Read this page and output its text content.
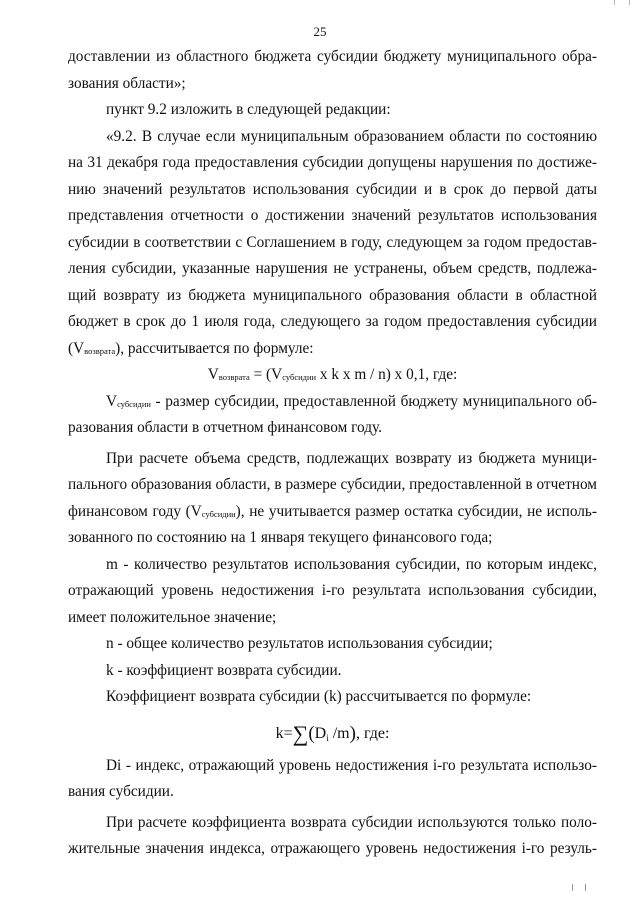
25
доставлении из областного бюджета субсидии бюджету муниципального обра-
зования области»;
пункт 9.2 изложить в следующей редакции:
«9.2. В случае если муниципальным образованием области по состоянию
на 31 декабря года предоставления субсидии допущены нарушения по достиже-
нию значений результатов использования субсидии и в срок до первой даты
представления отчетности о достижении значений результатов использования
субсидии в соответствии с Соглашением в году, следующем за годом предостав-
ления субсидии, указанные нарушения не устранены, объем средств, подлежа-
щий возврату из бюджета муниципального образования области в областной
бюджет в срок до 1 июля года, следующего за годом предоставления субсидии
(Vвозврата), рассчитывается по формуле:
Vвозврата = (Vсубсидии x k x m / n) x 0,1, где:
Vсубсидии - размер субсидии, предоставленной бюджету муниципального об-
разования области в отчетном финансовом году.
При расчете объема средств, подлежащих возврату из бюджета муници-
пального образования области, в размере субсидии, предоставленной в отчетном
финансовом году (Vсубсидии), не учитывается размер остатка субсидии, не исполь-
зованного по состоянию на 1 января текущего финансового года;
m - количество результатов использования субсидии, по которым индекс,
отражающий уровень недостижения i-го результата использования субсидии,
имеет положительное значение;
n - общее количество результатов использования субсидии;
k - коэффициент возврата субсидии.
Коэффициент возврата субсидии (k) рассчитывается по формуле:
k=∑(Di /m), где:
Di - индекс, отражающий уровень недостижения i-го результата использо-
вания субсидии.
При расчете коэффициента возврата субсидии используются только поло-
жительные значения индекса, отражающего уровень недостижения i-го резуль-
